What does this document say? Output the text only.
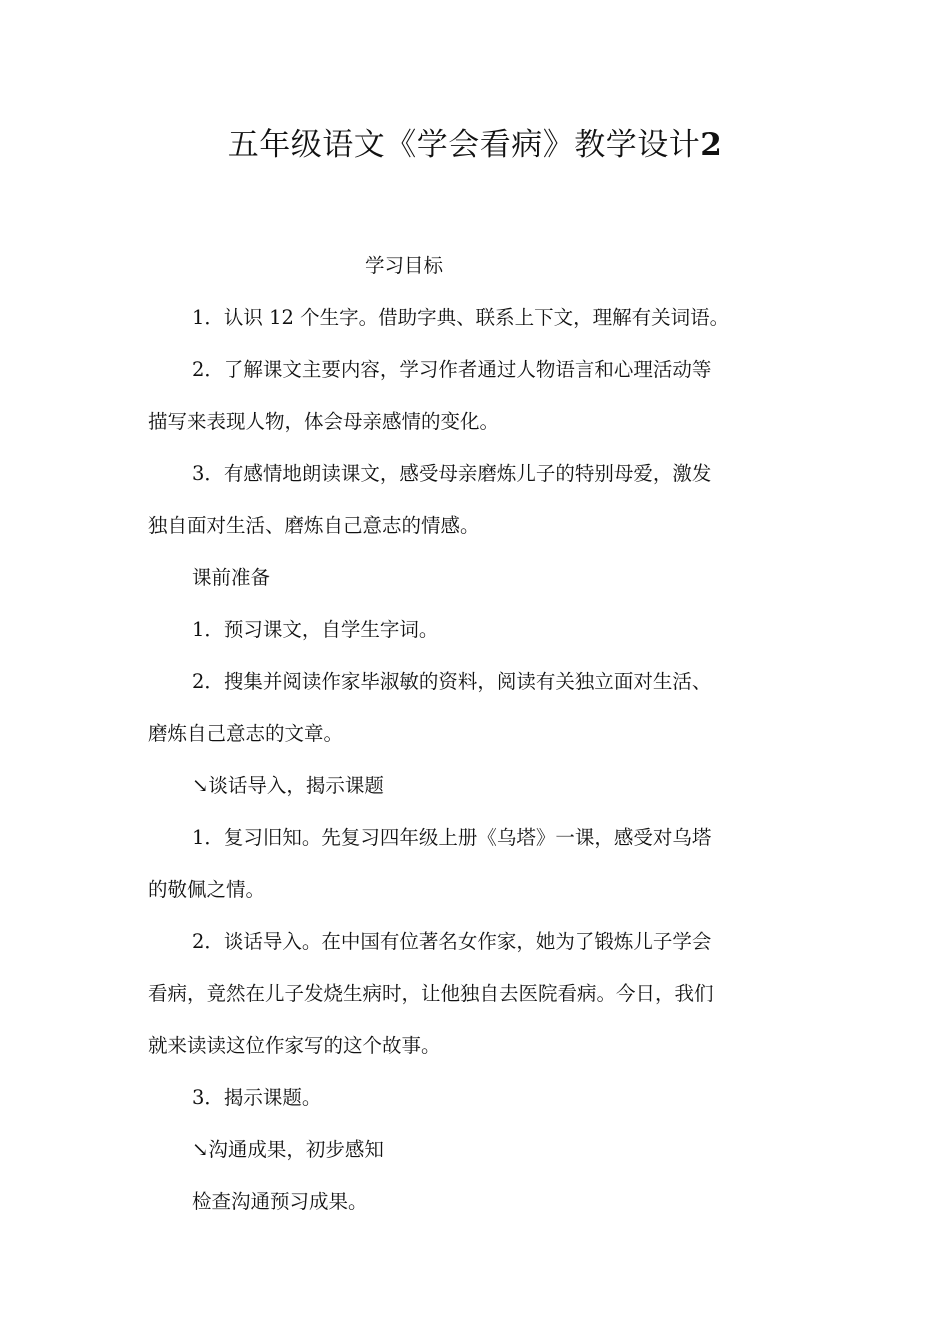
五年级语文《学会看病》教学设计2
学习目标
1．认识 12 个生字。借助字典、联系上下文，理解有关词语。
2．了解课文主要内容，学习作者通过人物语言和心理活动等
描写来表现人物，体会母亲感情的变化。
3．有感情地朗读课文，感受母亲磨炼儿子的特别母爱，激发
独自面对生活、磨炼自己意志的情感。
课前准备
1．预习课文，自学生字词。
2．搜集并阅读作家毕淑敏的资料，阅读有关独立面对生活、
磨炼自己意志的文章。
↘谈话导入，揭示课题
1．复习旧知。先复习四年级上册《乌塔》一课，感受对乌塔
的敬佩之情。
2．谈话导入。在中国有位著名女作家，她为了锻炼儿子学会
看病，竟然在儿子发烧生病时，让他独自去医院看病。今日，我们
就来读读这位作家写的这个故事。
3．揭示课题。
↘沟通成果，初步感知
检查沟通预习成果。
